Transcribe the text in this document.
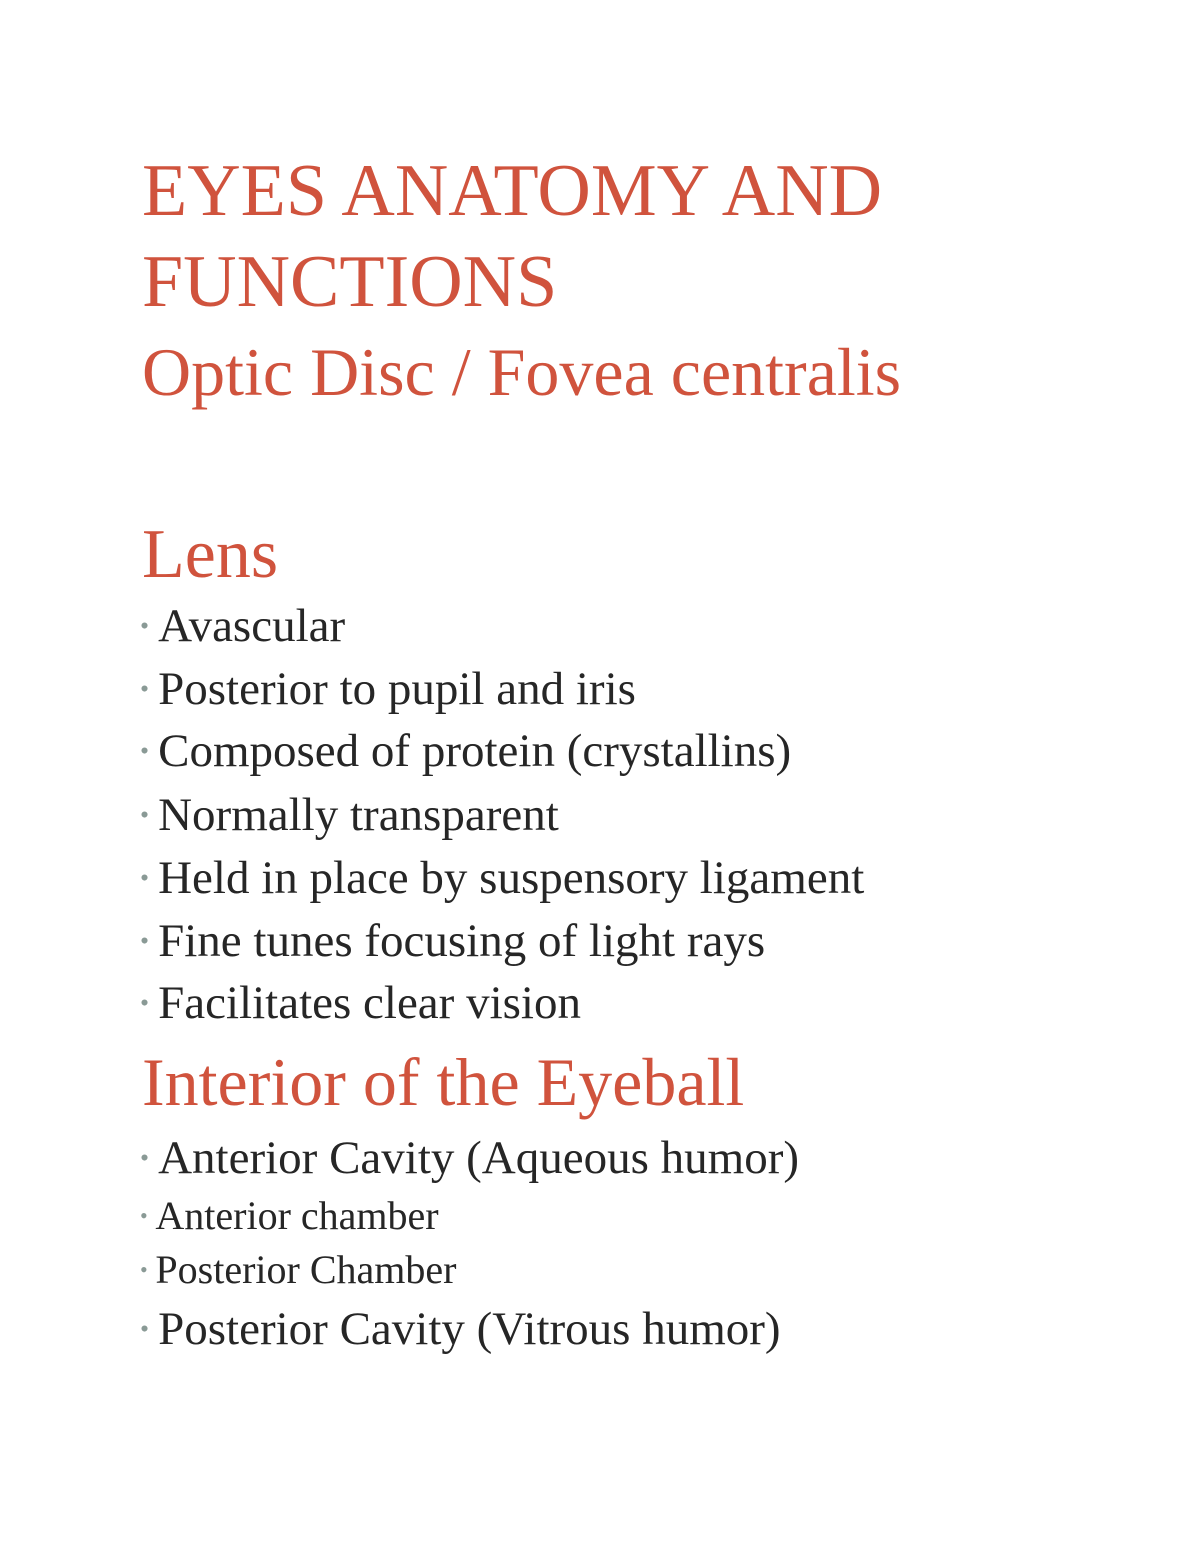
EYES ANATOMY AND
FUNCTIONS
Optic Disc / Fovea centralis
Lens

• Avascular

• Posterior to pupil and iris

• Composed of protein (crystallins)

• Normally transparent

• Held in place by suspensory ligament

• Fine tunes focusing of light rays

• Facilitates clear vision

Interior of the Eyeball

• Anterior Cavity (Aqueous humor)

• Anterior chamber

• Posterior Chamber

• Posterior Cavity (Vitrous humor)
